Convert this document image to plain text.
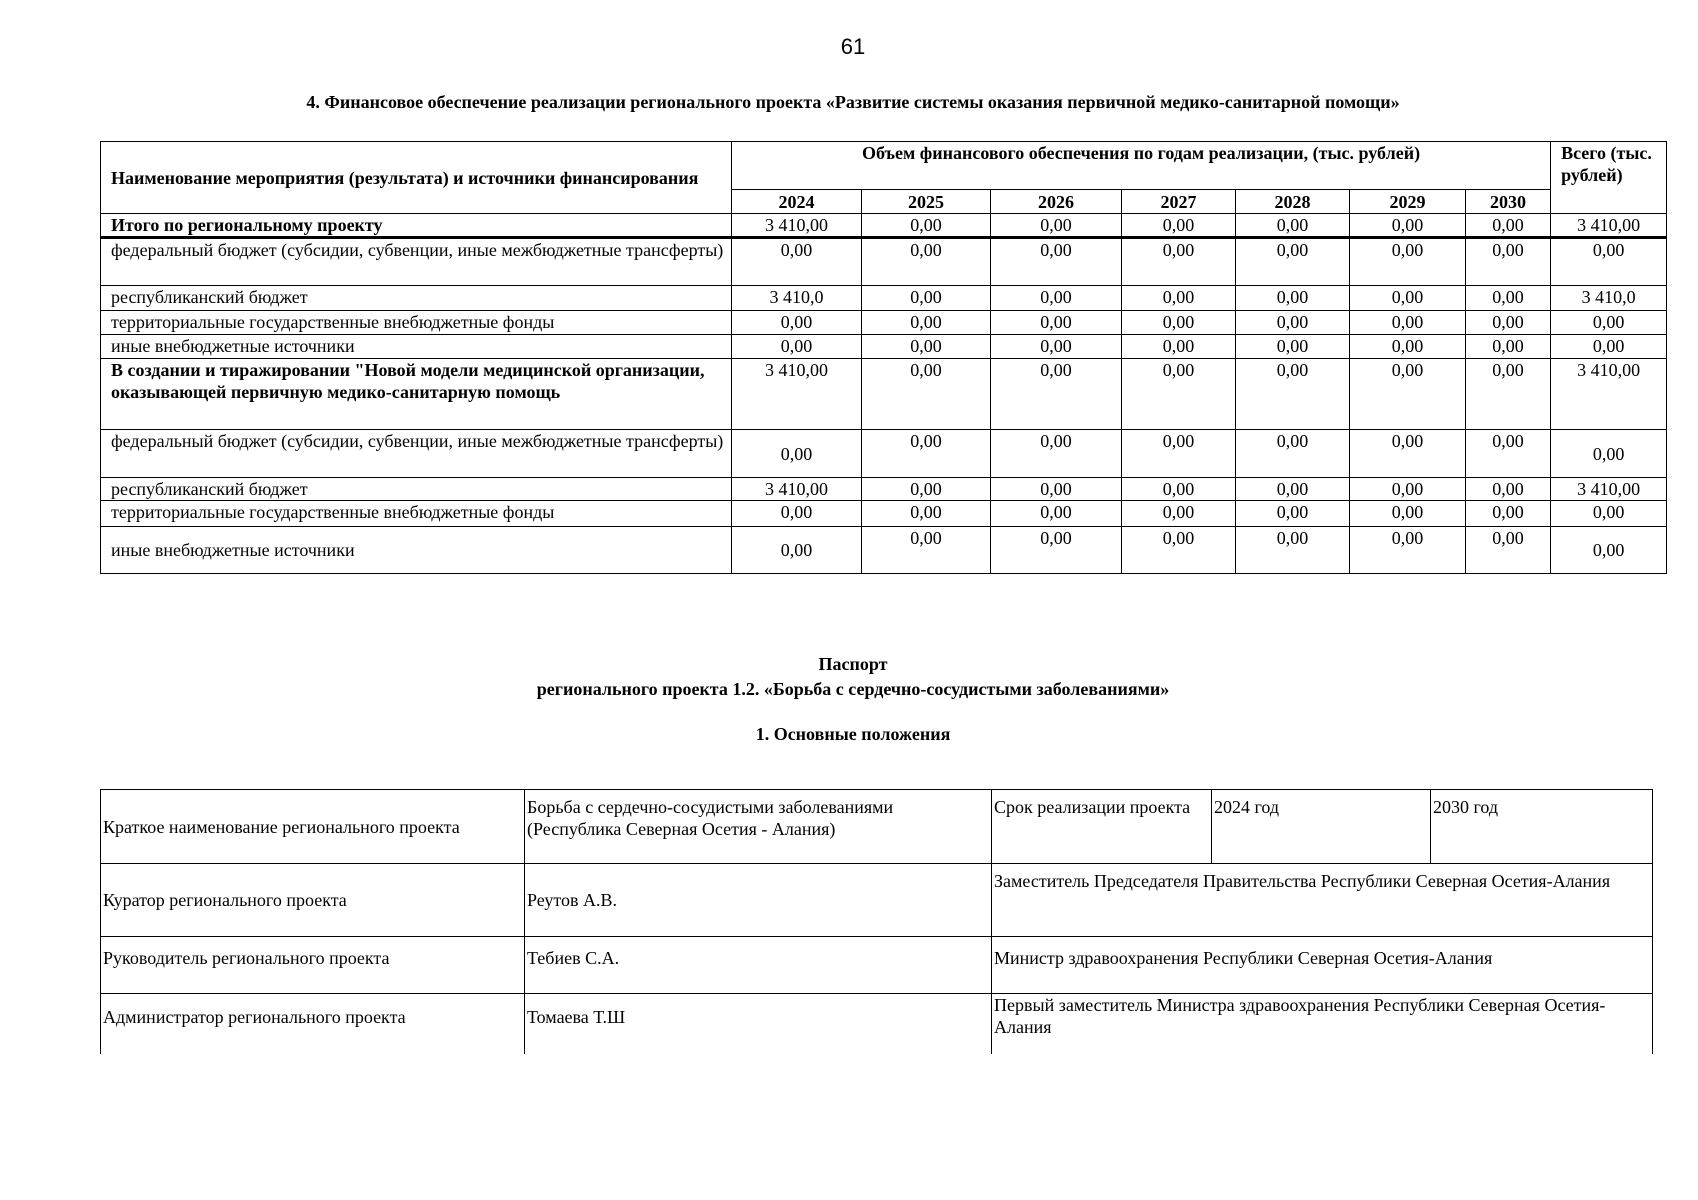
61
4. Финансовое обеспечение реализации регионального проекта «Развитие системы оказания первичной медико-санитарной помощи»
Наименование мероприятия (результата) и источники финансирования	Объем финансового обеспечения по годам реализации, (тыс. рублей)							Всего (тыс. рублей)
	2024	2025	2026	2027	2028	2029	2030	
Итого по региональному проекту	3 410,00	0,00	0,00	0,00	0,00	0,00	0,00	3 410,00
федеральный бюджет (субсидии, субвенции, иные межбюджетные трансферты)	0,00	0,00	0,00	0,00	0,00	0,00	0,00	0,00
республиканский бюджет	3 410,0	0,00	0,00	0,00	0,00	0,00	0,00	3 410,0
территориальные государственные внебюджетные фонды	0,00	0,00	0,00	0,00	0,00	0,00	0,00	0,00
иные внебюджетные источники	0,00	0,00	0,00	0,00	0,00	0,00	0,00	0,00
В создании и тиражировании "Новой модели медицинской организации, оказывающей первичную медико-санитарную помощь	3 410,00	0,00	0,00	0,00	0,00	0,00	0,00	3 410,00
федеральный бюджет (субсидии, субвенции, иные межбюджетные трансферты)	0,00	0,00	0,00	0,00	0,00	0,00	0,00	0,00
республиканский бюджет	3 410,00	0,00	0,00	0,00	0,00	0,00	0,00	3 410,00
территориальные государственные внебюджетные фонды	0,00	0,00	0,00	0,00	0,00	0,00	0,00	0,00
иные внебюджетные источники	0,00	0,00	0,00	0,00	0,00	0,00	0,00	0,00
Паспорт
регионального проекта 1.2. «Борьба с сердечно-сосудистыми заболеваниями»
1. Основные положения
Краткое наименование регионального проекта	Борьба с сердечно-сосудистыми заболеваниями (Республика Северная Осетия - Алания)	Срок реализации проекта	2024 год	2030 год
Куратор регионального проекта	Реутов А.В.	Заместитель Председателя Правительства Республики Северная Осетия-Алания		
Руководитель регионального проекта	Тебиев С.А.	Министр здравоохранения Республики Северная Осетия-Алания		
Администратор регионального проекта	Томаева Т.Ш	Первый заместитель Министра здравоохранения Республики Северная Осетия-Алания		
